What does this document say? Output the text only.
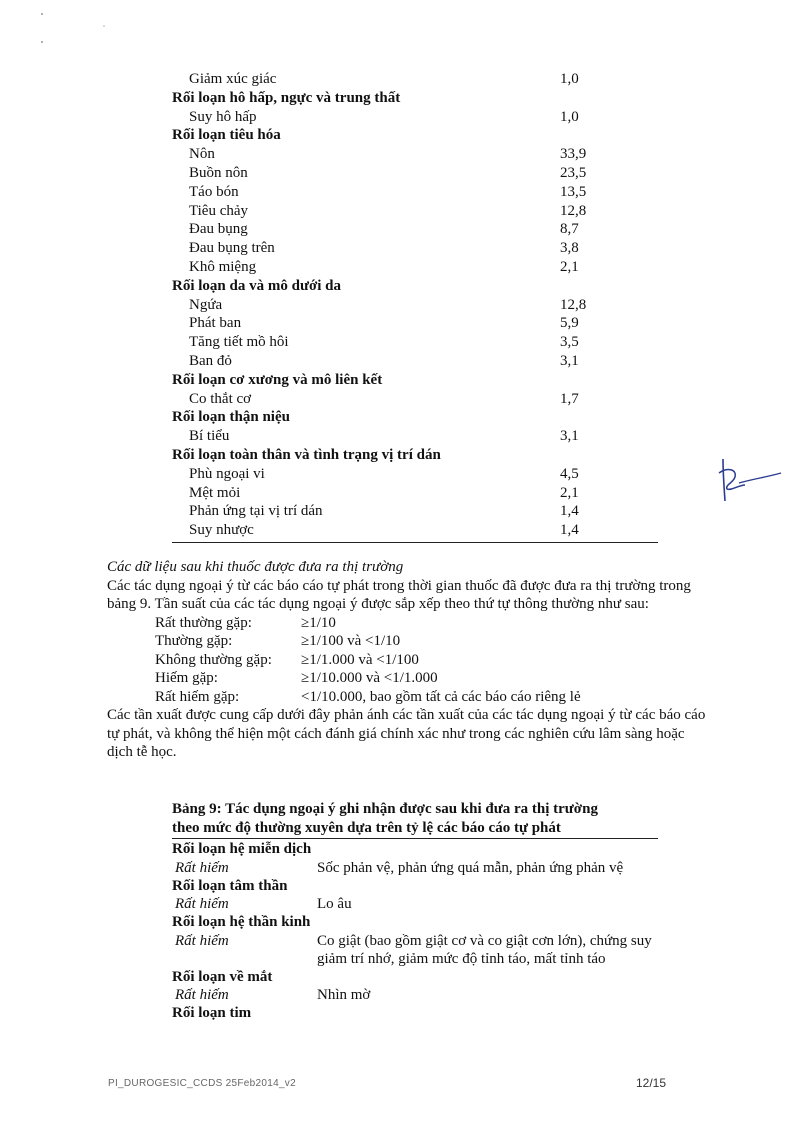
Giảm xúc giác	1,0
Rối loạn hô hấp, ngực và trung thất
Suy hô hấp	1,0
Rối loạn tiêu hóa
Nôn	33,9
Buồn nôn	23,5
Táo bón	13,5
Tiêu chảy	12,8
Đau bụng	8,7
Đau bụng trên	3,8
Khô miệng	2,1
Rối loạn da và mô dưới da
Ngứa	12,8
Phát ban	5,9
Tăng tiết mồ hôi	3,5
Ban đỏ	3,1
Rối loạn cơ xương và mô liên kết
Co thắt cơ	1,7
Rối loạn thận niệu
Bí tiểu	3,1
Rối loạn toàn thân và tình trạng vị trí dán
Phù ngoại vi	4,5
Mệt mỏi	2,1
Phản ứng tại vị trí dán	1,4
Suy nhược	1,4
Các dữ liệu sau khi thuốc được đưa ra thị trường

Các tác dụng ngoại ý từ các báo cáo tự phát trong thời gian thuốc đã được đưa ra thị trường trong bảng 9. Tần suất của các tác dụng ngoại ý được sắp xếp theo thứ tự thông thường như sau:

Rất thường gặp:	≥1/10
Thường gặp:	≥1/100 và <1/10
Không thường gặp:	≥1/1.000 và <1/100
Hiếm gặp:	≥1/10.000 và <1/1.000
Rất hiếm gặp:	<1/10.000, bao gồm tất cả các báo cáo riêng lẻ

Các tần xuất được cung cấp dưới đây phản ánh các tần xuất của các tác dụng ngoại ý từ các báo cáo tự phát, và không thể hiện một cách đánh giá chính xác như trong các nghiên cứu lâm sàng hoặc dịch tễ học.

Bảng 9: Tác dụng ngoại ý ghi nhận được sau khi đưa ra thị trường
theo mức độ thường xuyên dựa trên tỷ lệ các báo cáo tự phát
Rối loạn hệ miễn dịch
Rất hiếm	Sốc phản vệ, phản ứng quá mẫn, phản ứng phản vệ
Rối loạn tâm thần
Rất hiếm	Lo âu
Rối loạn hệ thần kinh
Rất hiếm	Co giật (bao gồm giật cơ và co giật cơn lớn), chứng suy giảm trí nhớ, giảm mức độ tỉnh táo, mất tỉnh táo
Rối loạn về mắt
Rất hiếm	Nhìn mờ
Rối loạn tim
PI_DUROGESIC_CCDS 25Feb2014_v2	12/15
